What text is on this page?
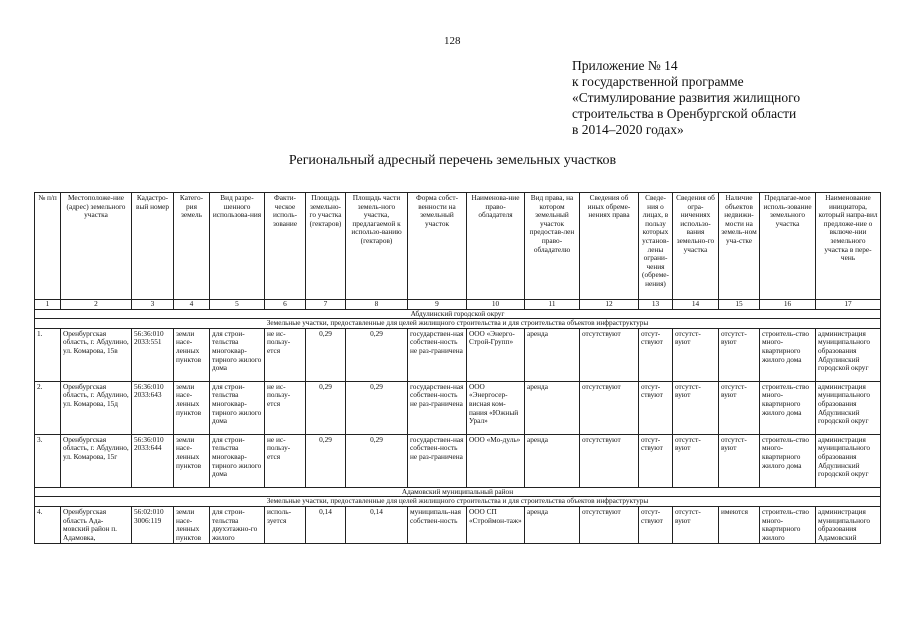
128
Приложение № 14
к государственной программе
«Стимулирование развития жилищного
строительства в Оренбургской области
в 2014–2020 годах»
Региональный адресный перечень земельных участков
№ п/п	Местоположе-ние (адрес) земельного участка	Кадастро-вый номер	Катего-рия земель	Вид разре-шенного использова-ния	Факти-ческое исполь-зование	Площадь земельно-го участка (гектаров)	Площадь части земель-ного участка, предлагаемой к использо-ванию (гектаров)	Форма собст-венности на земельный участок	Наименова-ние право-обладателя	Вид права, на котором земельный участок предостав-лен право-обладателю	Сведения об иных обреме-нениях права	Сведе-ния о лицах, в пользу которых установ-лены ограни-чения (обреме-нения)	Сведения об огра-ничениях использо-вания земельно-го участка	Наличие объектов недвижи-мости на земель-ном уча-стке	Предлагае-мое исполь-зование земельного участка	Наименование инициатора, который напра-вил предложе-ние о включе-нии земельного участка в пере-чень
1	2	3	4	5	6	7	8	9	10	11	12	13	14	15	16	17
Абдулинский городской округ																
Земельные участки, предоставленные для целей жилищного строительства и для строительства объектов инфраструктуры																
1.	Оренбургская область, г. Абдулино, ул. Комарова, 15в	56:36:010 2033:551	земли насе-ленных пунктов	для строи-тельства многоквар-тирного жилого дома	не ис-пользу-ется	0,29	0,29	государствен-ная собствен-ность не раз-граничена	ООО «Энерго-Строй-Групп»	аренда	отсутствуют	отсут-ствуют	отсутст-вуют	отсутст-вуют	строитель-ство много-квартирного жилого дома	администрация муниципального образования Абдулинский городской округ
2.	Оренбургская область, г. Абдулино, ул. Комарова, 15д	56:36:010 2033:643	земли насе-ленных пунктов	для строи-тельства многоквар-тирного жилого дома	не ис-пользу-ется	0,29	0,29	государствен-ная собствен-ность не раз-граничена	ООО «Энергосер-висная ком-пания «Южный Урал»	аренда	отсутствуют	отсут-ствуют	отсутст-вуют	отсутст-вуют	строитель-ство много-квартирного жилого дома	администрация муниципального образования Абдулинский городской округ
3.	Оренбургская область, г. Абдулино, ул. Комарова, 15г	56:36:010 2033:644	земли насе-ленных пунктов	для строи-тельства многоквар-тирного жилого дома	не ис-пользу-ется	0,29	0,29	государствен-ная собствен-ность не раз-граничена	ООО «Мо-дуль»	аренда	отсутствуют	отсут-ствуют	отсутст-вуют	отсутст-вуют	строитель-ство много-квартирного жилого дома	администрация муниципального образования Абдулинский городской округ
Адамовский муниципальный район																
Земельные участки, предоставленные для целей жилищного строительства и для строительства объектов инфраструктуры																
4.	Оренбургская область Ада-мовский район п. Адамовка,	56:02:010 3006:119	земли насе-ленных пунктов	для строи-тельства двухэтажно-го жилого	исполь-зуется	0,14	0,14	муниципаль-ная собствен-ность	ООО СП «Строймон-таж»	аренда	отсутствуют	отсут-ствуют	отсутст-вуют	имеются	строитель-ство много-квартирного жилого	администрация муниципального образования Адамовский
